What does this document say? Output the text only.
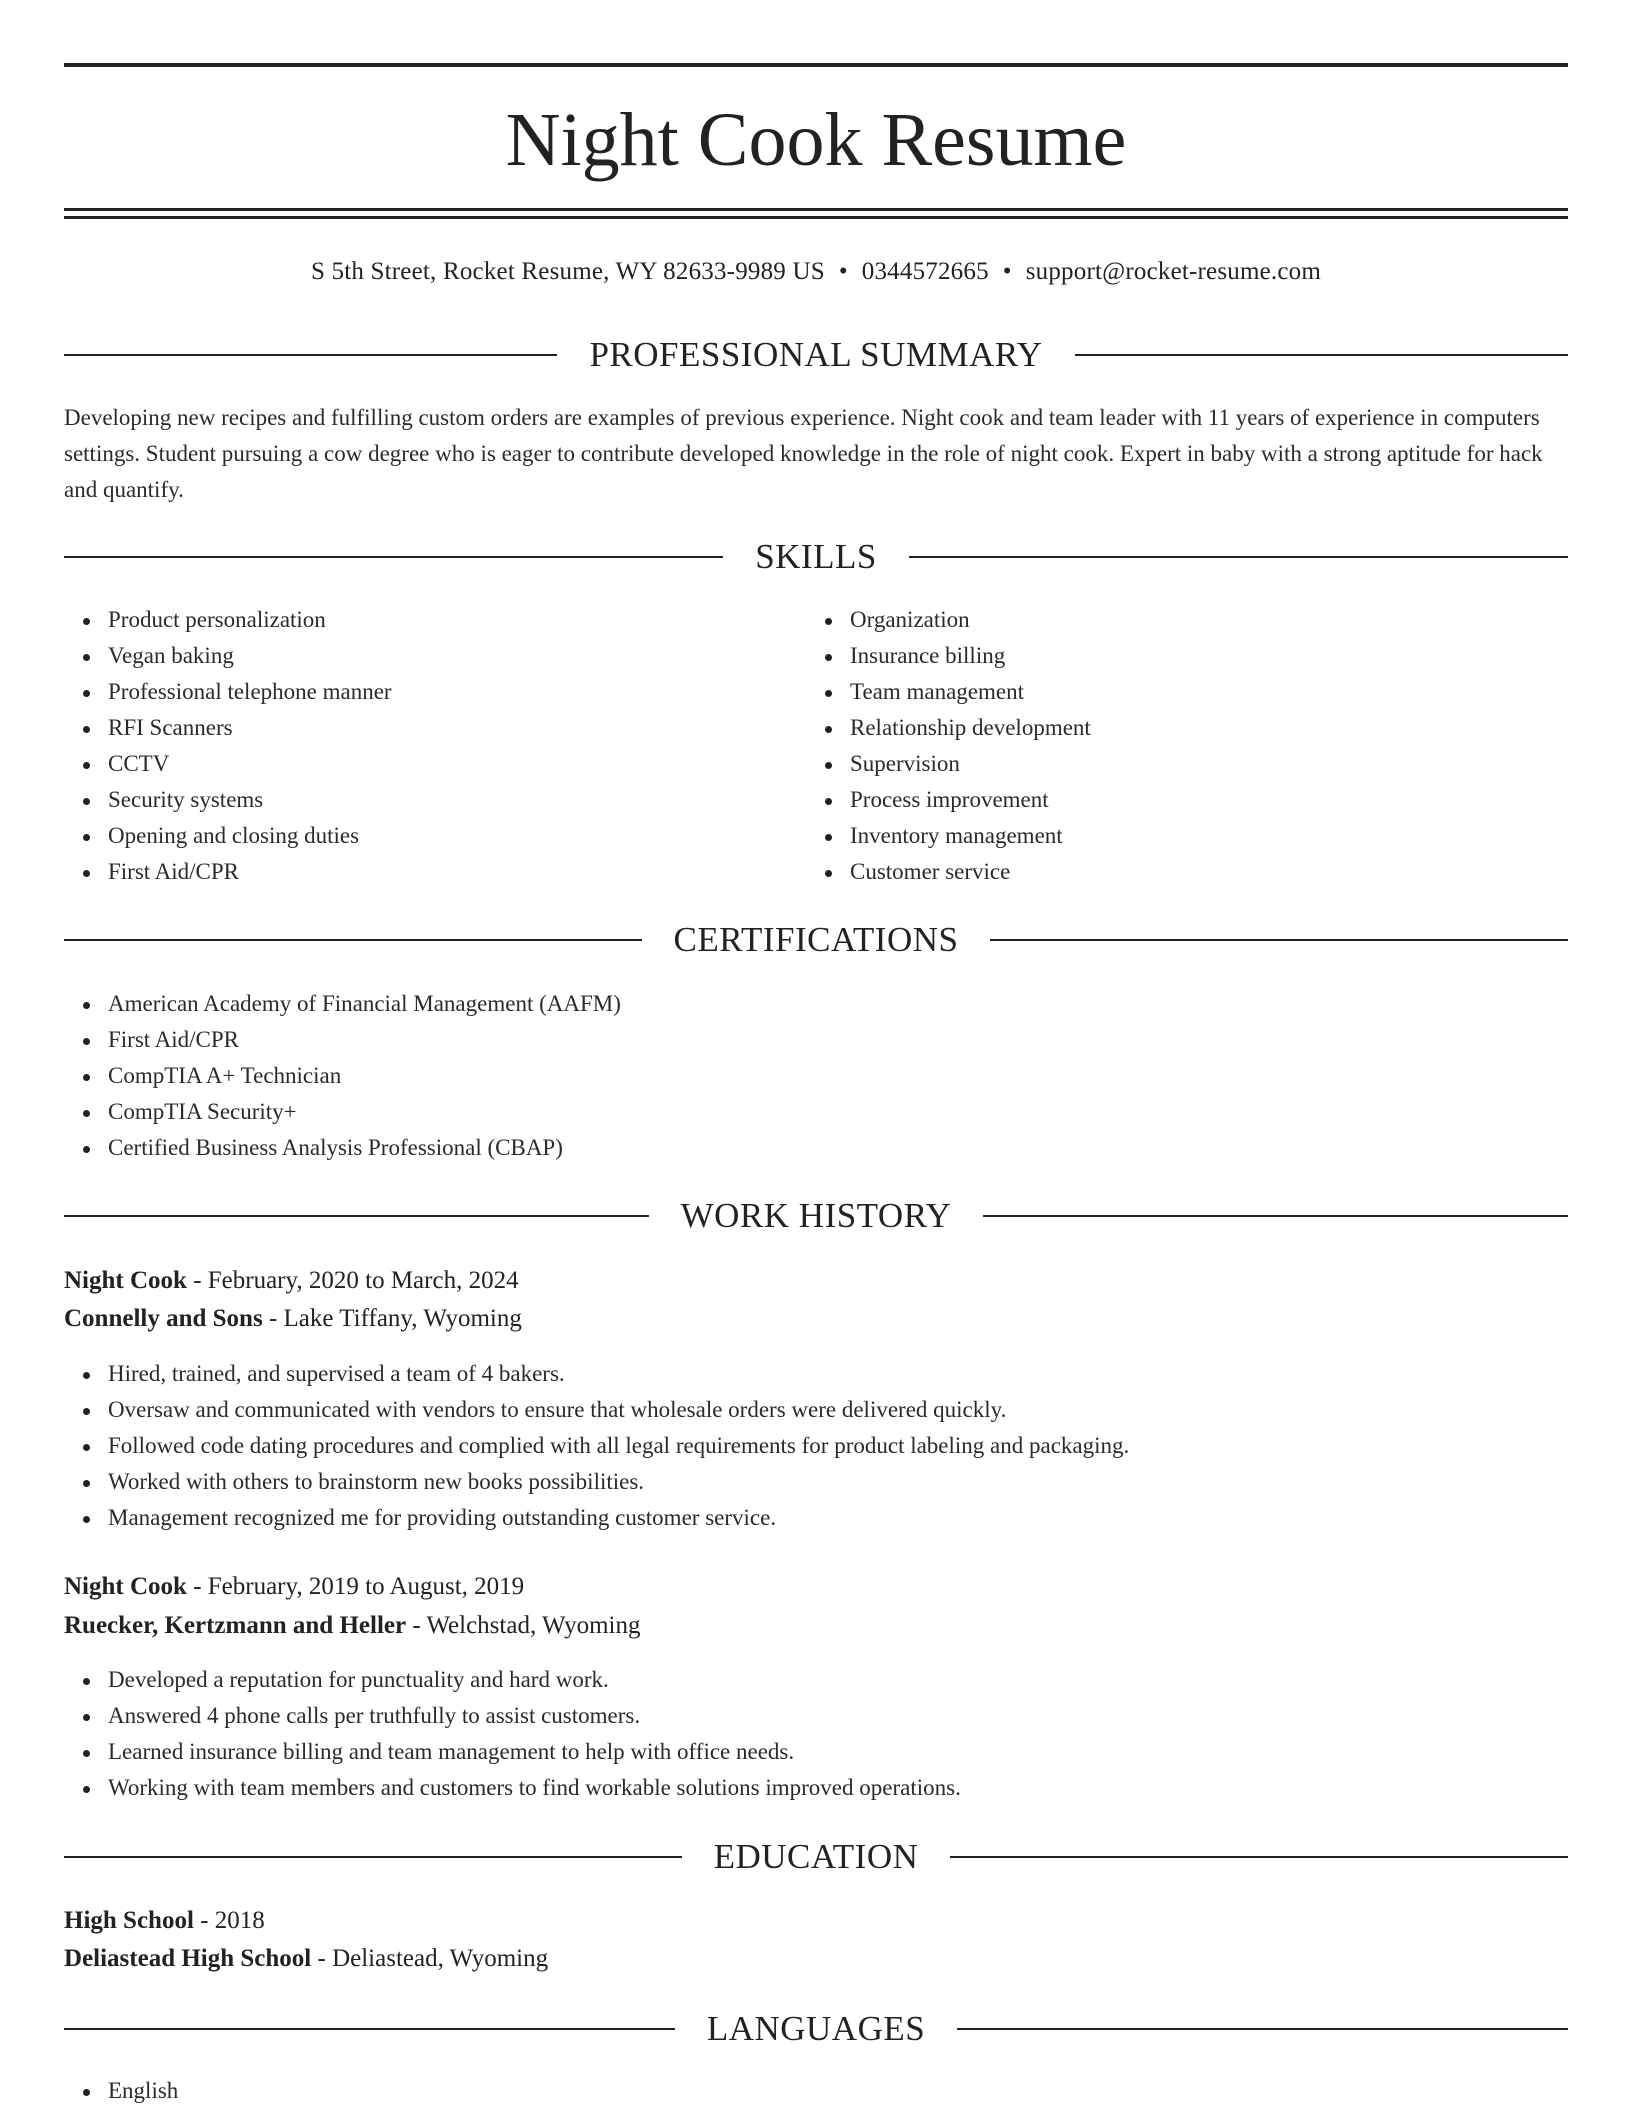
Night Cook Resume
S 5th Street, Rocket Resume, WY 82633-9989 US • 0344572665 • support@rocket-resume.com
PROFESSIONAL SUMMARY

Developing new recipes and fulfilling custom orders are examples of previous experience. Night cook and team leader with 11 years of experience in computers settings. Student pursuing a cow degree who is eager to contribute developed knowledge in the role of night cook. Expert in baby with a strong aptitude for hack and quantify.

SKILLS
Product personalization
Vegan baking
Professional telephone manner
RFI Scanners
CCTV
Security systems
Opening and closing duties
First Aid/CPR
Organization
Insurance billing
Team management
Relationship development
Supervision
Process improvement
Inventory management
Customer service
CERTIFICATIONS
American Academy of Financial Management (AAFM)
First Aid/CPR
CompTIA A+ Technician
CompTIA Security+
Certified Business Analysis Professional (CBAP)
WORK HISTORY
Night Cook - February, 2020 to March, 2024
Connelly and Sons - Lake Tiffany, Wyoming
Hired, trained, and supervised a team of 4 bakers.
Oversaw and communicated with vendors to ensure that wholesale orders were delivered quickly.
Followed code dating procedures and complied with all legal requirements for product labeling and packaging.
Worked with others to brainstorm new books possibilities.
Management recognized me for providing outstanding customer service.
Night Cook - February, 2019 to August, 2019
Ruecker, Kertzmann and Heller - Welchstad, Wyoming
Developed a reputation for punctuality and hard work.
Answered 4 phone calls per truthfully to assist customers.
Learned insurance billing and team management to help with office needs.
Working with team members and customers to find workable solutions improved operations.
EDUCATION
High School - 2018
Deliastead High School - Deliastead, Wyoming
LANGUAGES
English
